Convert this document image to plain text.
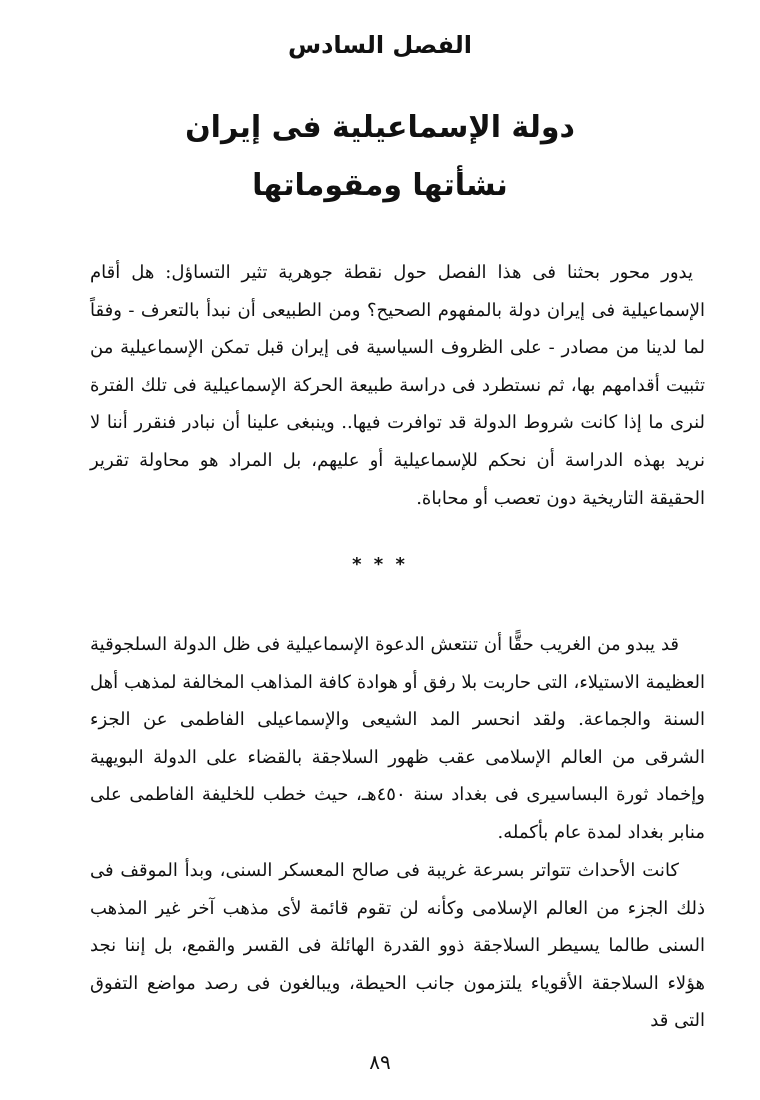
الفصل السادس
دولة الإسماعيلية فى إيران
نشأتها ومقوماتها

يدور محور بحثنا فى هذا الفصل حول نقطة جوهرية تثير التساؤل: هل أقام الإسماعيلية فى إيران دولة بالمفهوم الصحيح؟ ومن الطبيعى أن نبدأ بالتعرف - وفقاً لما لدينا من مصادر - على الظروف السياسية فى إيران قبل تمكن الإسماعيلية من تثبيت أقدامهم بها، ثم نستطرد فى دراسة طبيعة الحركة الإسماعيلية فى تلك الفترة لنرى ما إذا كانت شروط الدولة قد توافرت فيها.. وينبغى علينا أن نبادر فنقرر أننا لا نريد بهذه الدراسة أن نحكم للإسماعيلية أو عليهم، بل المراد هو محاولة تقرير الحقيقة التاريخية دون تعصب أو محاباة.

* * *

قد يبدو من الغريب حقًّا أن تنتعش الدعوة الإسماعيلية فى ظل الدولة السلجوقية العظيمة الاستيلاء، التى حاربت بلا رفق أو هوادة كافة المذاهب المخالفة لمذهب أهل السنة والجماعة. ولقد انحسر المد الشيعى والإسماعيلى الفاطمى عن الجزء الشرقى من العالم الإسلامى عقب ظهور السلاجقة بالقضاء على الدولة البويهية وإخماد ثورة البساسيرى فى بغداد سنة ٤٥٠هـ، حيث خطب للخليفة الفاطمى على منابر بغداد لمدة عام بأكمله.

كانت الأحداث تتواتر بسرعة غريبة فى صالح المعسكر السنى، وبدأ الموقف فى ذلك الجزء من العالم الإسلامى وكأنه لن تقوم قائمة لأى مذهب آخر غير المذهب السنى طالما يسيطر السلاجقة ذوو القدرة الهائلة فى القسر والقمع، بل إننا نجد هؤلاء السلاجقة الأقوياء يلتزمون جانب الحيطة، ويبالغون فى رصد مواضع التفوق التى قد

٨٩
